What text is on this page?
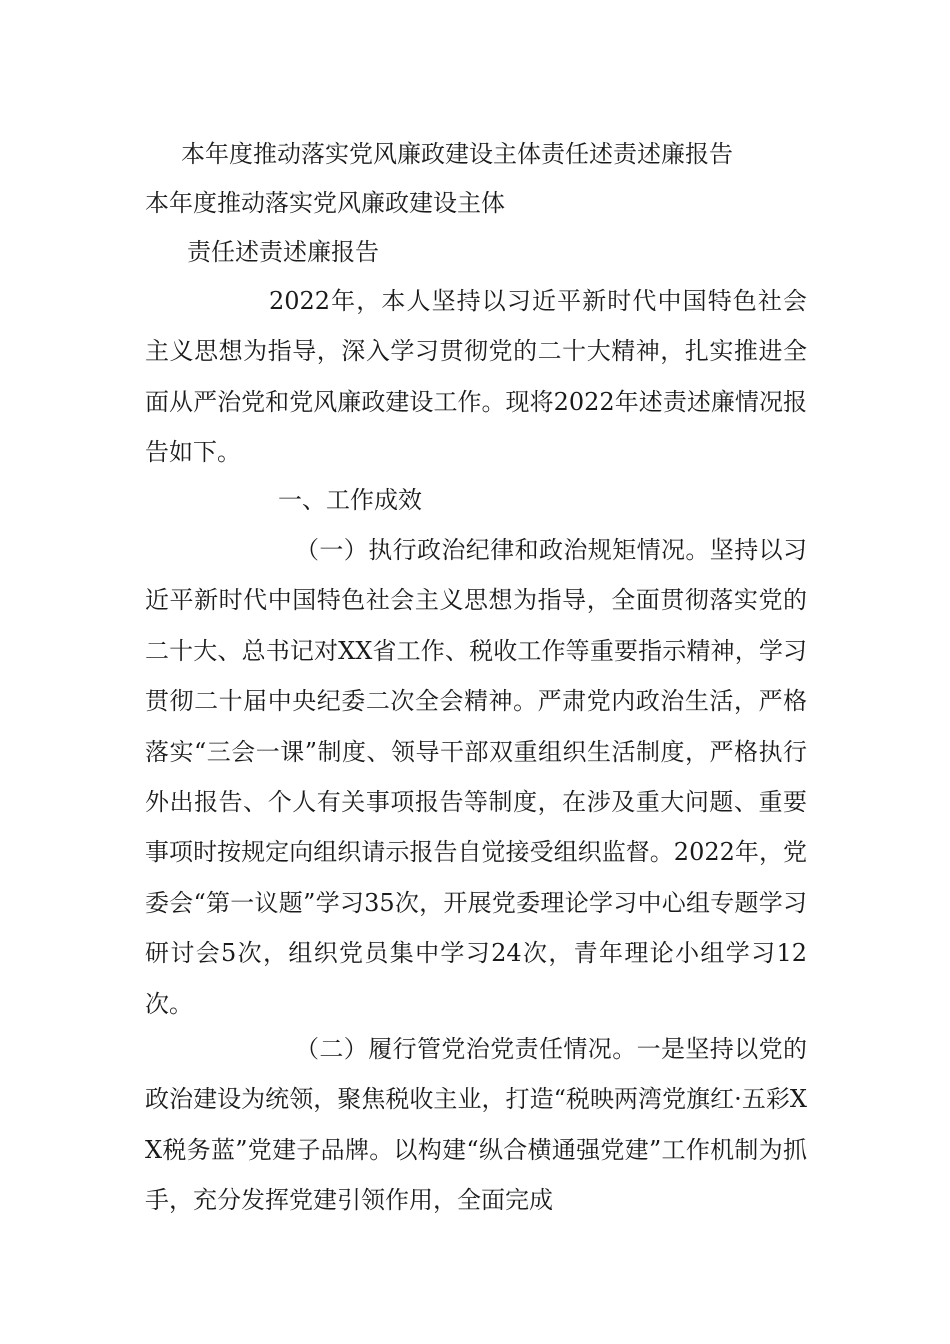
本年度推动落实党风廉政建设主体责任述责述廉报告

本年度推动落实党风廉政建设主体

责任述责述廉报告

2022年，本人坚持以习近平新时代中国特色社会主义思想为指导，深入学习贯彻党的二十大精神，扎实推进全面从严治党和党风廉政建设工作。现将2022年述责述廉情况报告如下。

一、工作成效

（一）执行政治纪律和政治规矩情况。坚持以习近平新时代中国特色社会主义思想为指导，全面贯彻落实党的二十大、总书记对XX省工作、税收工作等重要指示精神，学习贯彻二十届中央纪委二次全会精神。严肃党内政治生活，严格落实“三会一课”制度、领导干部双重组织生活制度，严格执行外出报告、个人有关事项报告等制度，在涉及重大问题、重要事项时按规定向组织请示报告自觉接受组织监督。2022年，党委会“第一议题”学习35次，开展党委理论学习中心组专题学习研讨会5次，组织党员集中学习24次，青年理论小组学习12次。

（二）履行管党治党责任情况。一是坚持以党的政治建设为统领，聚焦税收主业，打造“税映两湾党旗红·五彩XX税务蓝”党建子品牌。以构建“纵合横通强党建”工作机制为抓手，充分发挥党建引领作用，全面完成
